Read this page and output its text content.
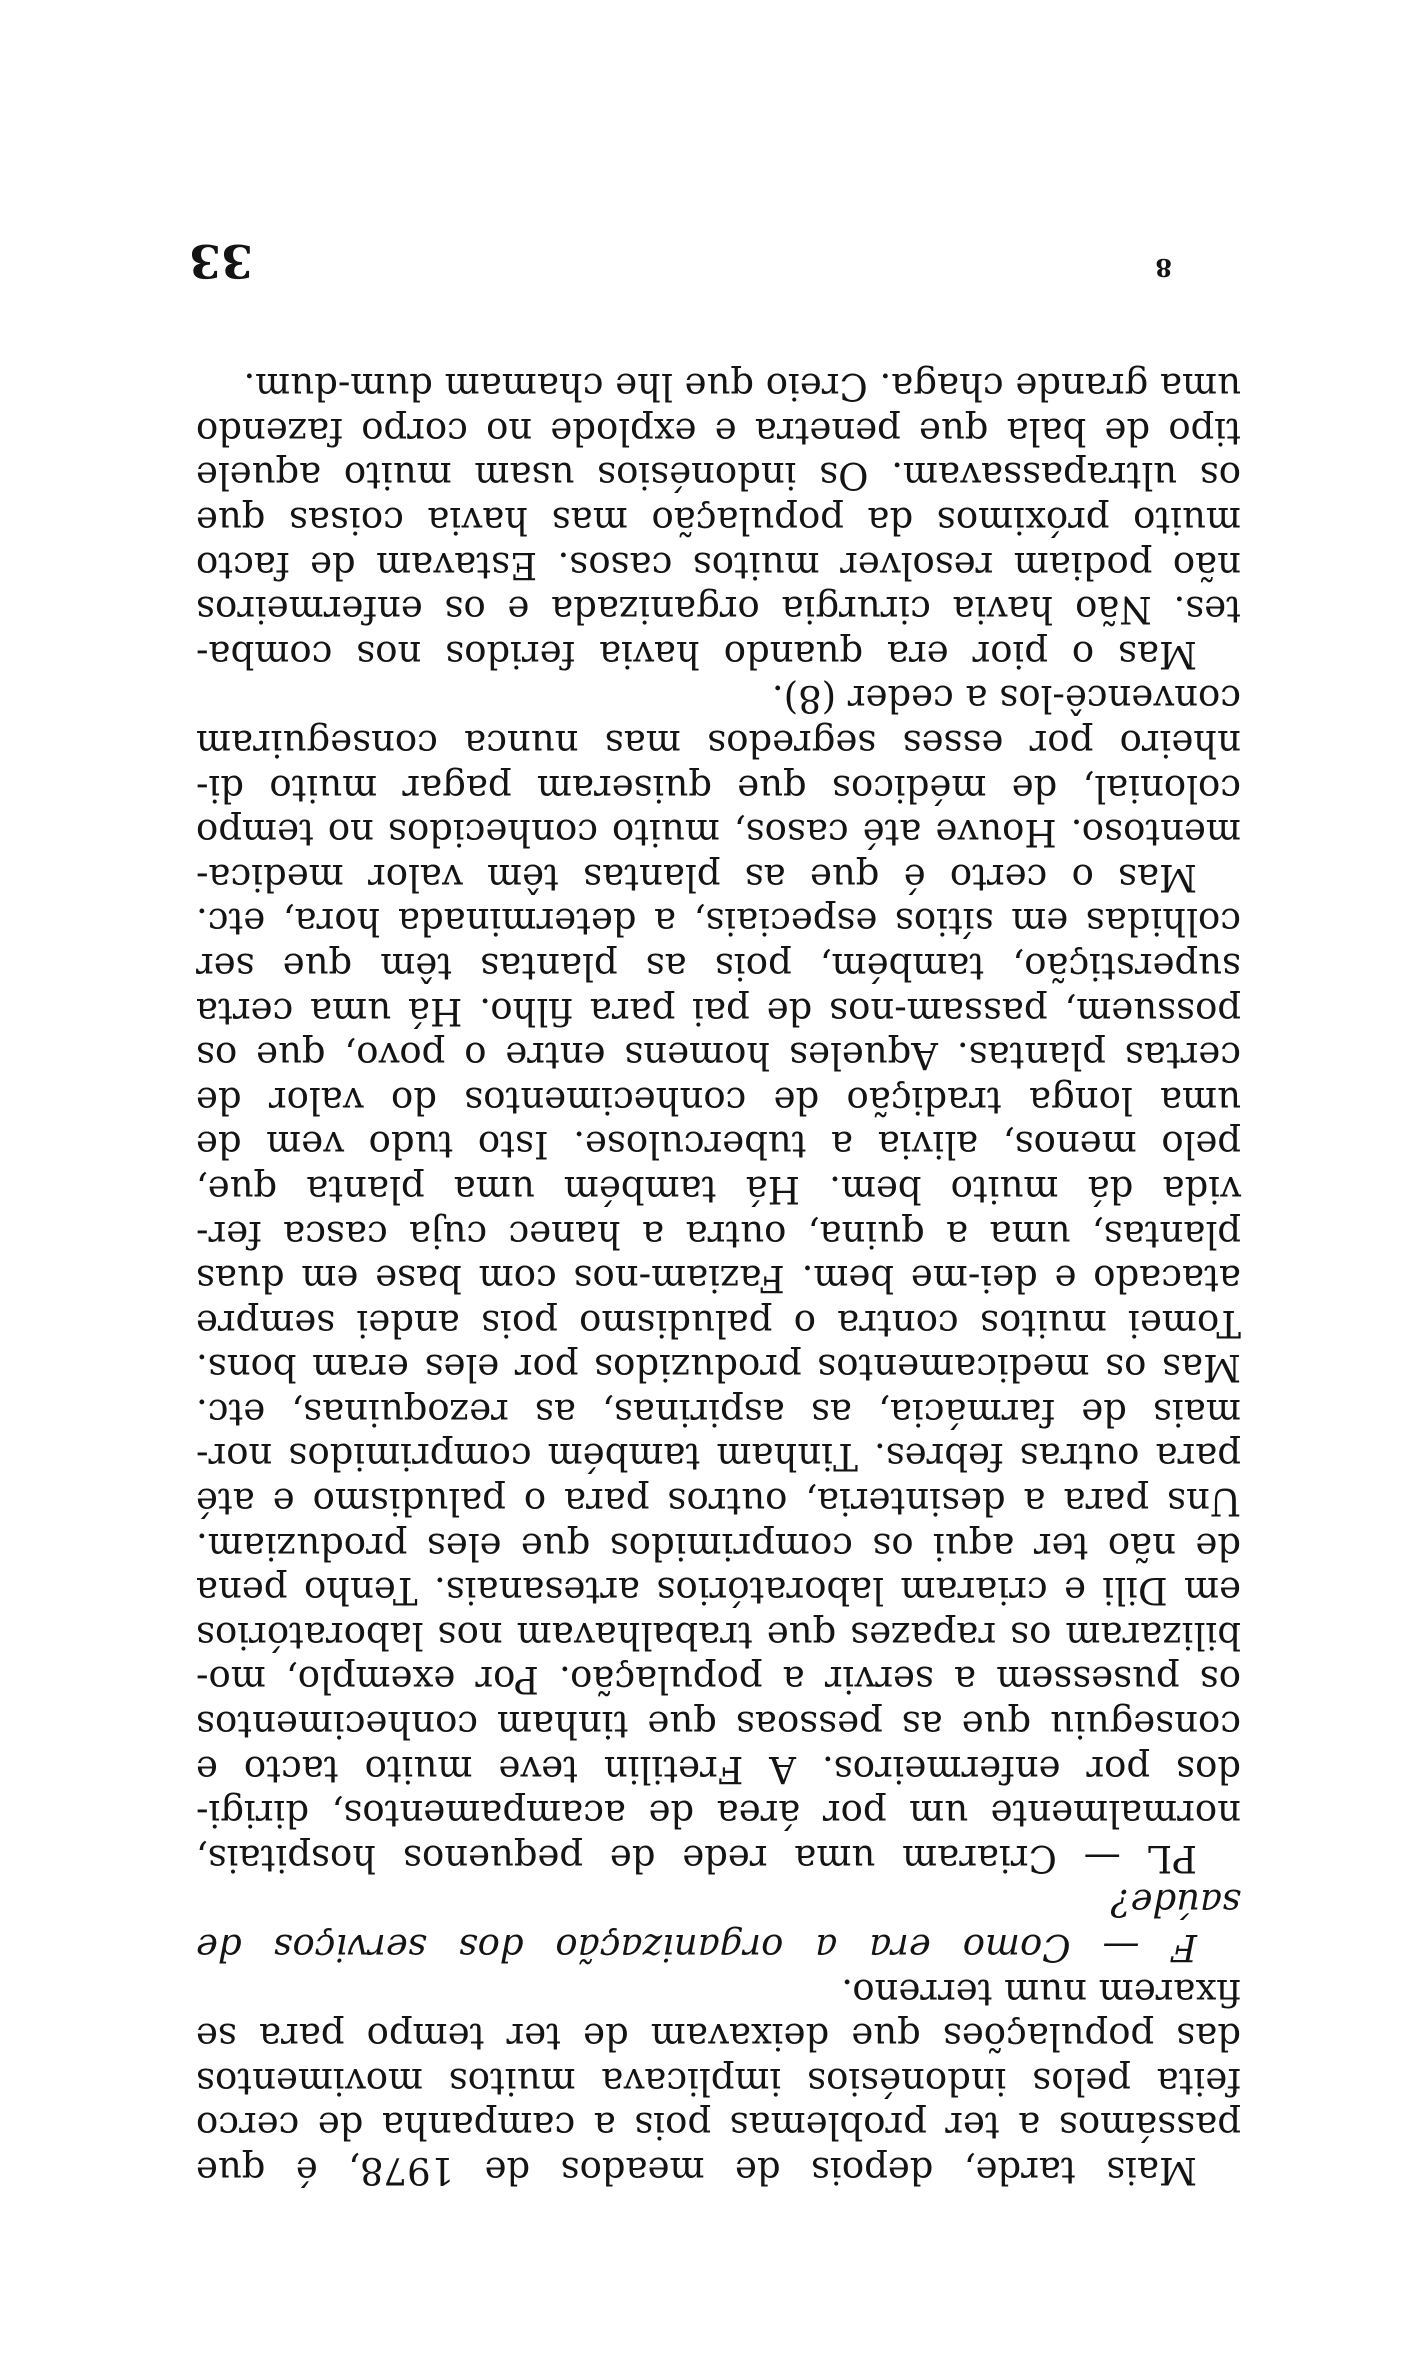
Mais tarde, depois de meados de 1978, é que
passámos a ter problemas pois a campanha de cerco
feita pelos indonésios implicava muitos movimentos
das populações que deixavam de ter tempo para se
fixarem num terreno.
F — Como era a organização dos serviços de
saúde?
PL — Criaram uma rede de pequenos hospitais,
normalmente um por área de acampamentos, dirigi-
dos por enfermeiros. A Fretilin teve muito tacto e
conseguiu que as pessoas que tinham conhecimentos
os pusessem a servir a população. Por exemplo, mo-
bilizaram os rapazes que trabalhavam nos laboratórios
em Dili e criaram laboratórios artesanais. Tenho pena
de não ter aqui os comprimidos que eles produziam.
Uns para a desinteria, outros para o paludismo e até
para outras febres. Tinham também comprimidos nor-
mais de farmácia, as aspirinas, as rezoquinas, etc.
Mas os medicamentos produzidos por eles eram bons.
Tomei muitos contra o paludismo pois andei sempre
atacado e dei-me bem. Faziam-nos com base em duas
plantas, uma a quina, outra a hanec cuja casca fer-
vida dá muito bem. Há também uma planta que,
pelo menos, alivia a tuberculose. Isto tudo vem de
uma longa tradição de conhecimentos do valor de
certas plantas. Aqueles homens entre o povo, que os
possuem, passam-nos de pai para filho. Há uma certa
superstição, também, pois as plantas têm que ser
colhidas em sítios especiais, a determinada hora, etc.
Mas o certo é que as plantas têm valor medica-
mentoso. Houve até casos, muito conhecidos no tempo
colonial, de médicos que quiseram pagar muito di-
nheiro por esses segredos mas nunca conseguiram
convencê-los a ceder (8).
Mas o pior era quando havia feridos nos comba-
tes. Não havia cirurgia organizada e os enfermeiros
não podiam resolver muitos casos. Estavam de facto
muito próximos da população mas havia coisas que
os ultrapassavam. Os indonésios usam muito aquele
tipo de bala que penetra e explode no corpo fazendo
uma grande chaga. Creio que lhe chamam dum-dum.
33	8
